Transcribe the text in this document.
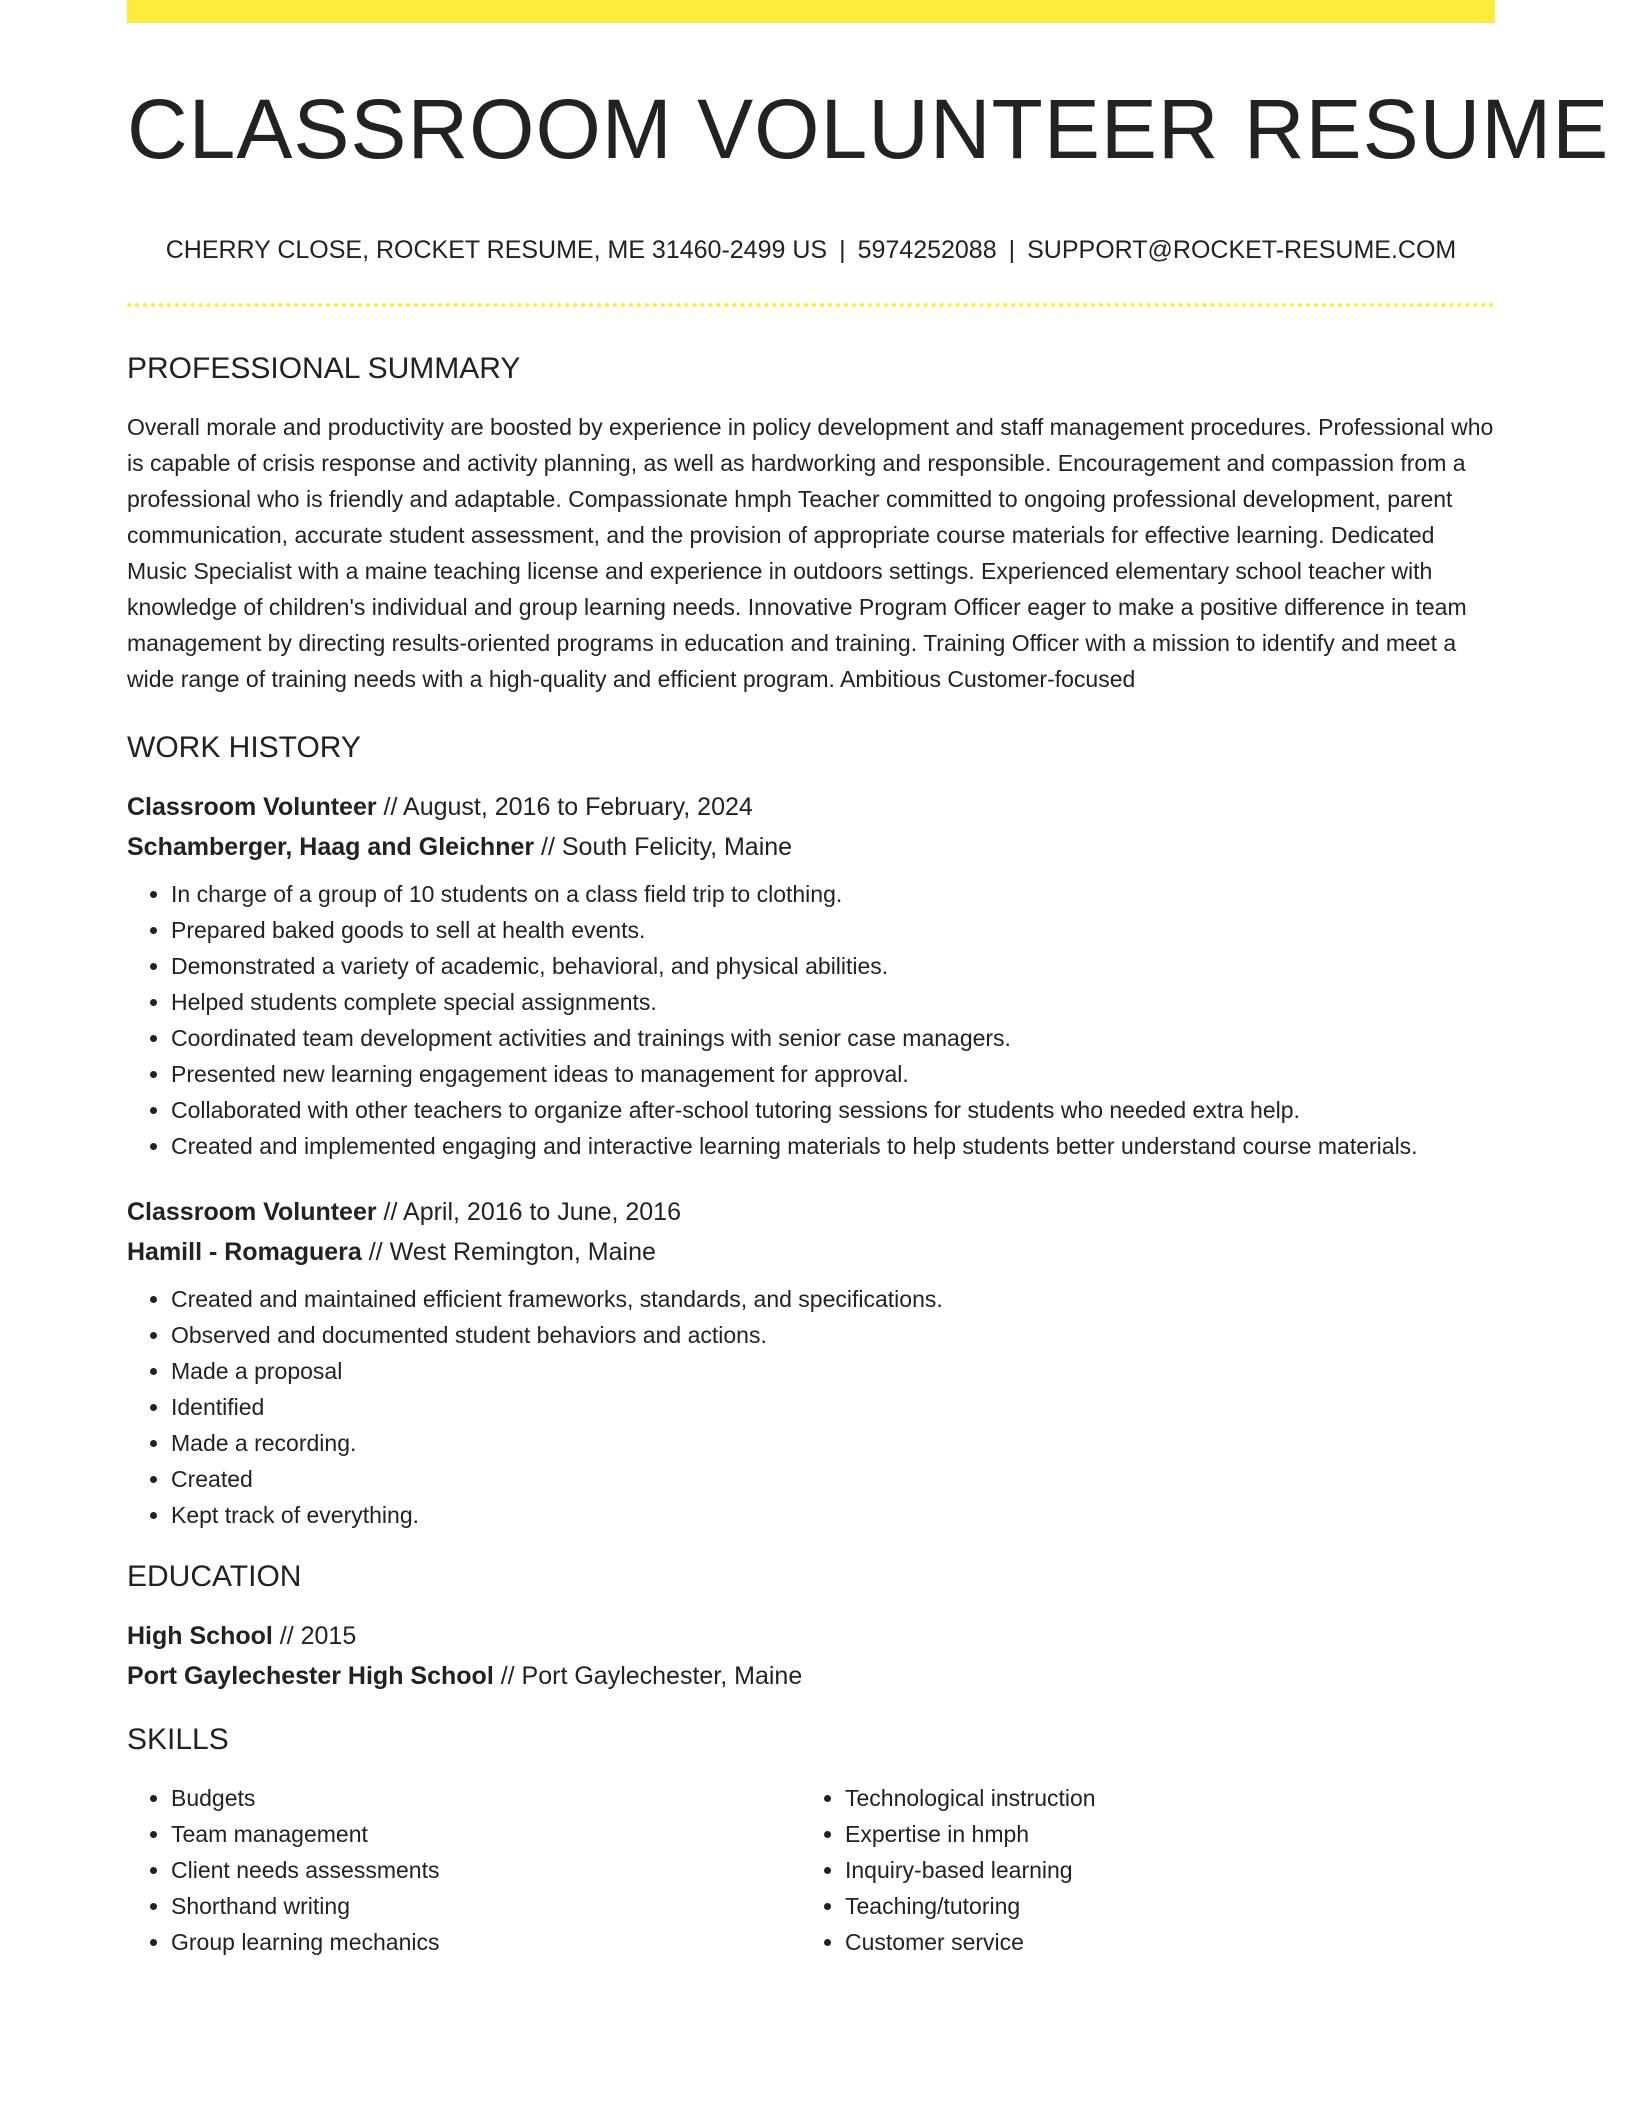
CLASSROOM VOLUNTEER RESUME
CHERRY CLOSE, ROCKET RESUME, ME 31460-2499 US | 5974252088 | SUPPORT@ROCKET-RESUME.COM
PROFESSIONAL SUMMARY

Overall morale and productivity are boosted by experience in policy development and staff management procedures. Professional who is capable of crisis response and activity planning, as well as hardworking and responsible. Encouragement and compassion from a professional who is friendly and adaptable. Compassionate hmph Teacher committed to ongoing professional development, parent communication, accurate student assessment, and the provision of appropriate course materials for effective learning. Dedicated Music Specialist with a maine teaching license and experience in outdoors settings. Experienced elementary school teacher with knowledge of children's individual and group learning needs. Innovative Program Officer eager to make a positive difference in team management by directing results-oriented programs in education and training. Training Officer with a mission to identify and meet a wide range of training needs with a high-quality and efficient program. Ambitious Customer-focused

WORK HISTORY
Classroom Volunteer // August, 2016 to February, 2024
Schamberger, Haag and Gleichner // South Felicity, Maine
• In charge of a group of 10 students on a class field trip to clothing.
• Prepared baked goods to sell at health events.
• Demonstrated a variety of academic, behavioral, and physical abilities.
• Helped students complete special assignments.
• Coordinated team development activities and trainings with senior case managers.
• Presented new learning engagement ideas to management for approval.
• Collaborated with other teachers to organize after-school tutoring sessions for students who needed extra help.
• Created and implemented engaging and interactive learning materials to help students better understand course materials.
Classroom Volunteer // April, 2016 to June, 2016
Hamill - Romaguera // West Remington, Maine
• Created and maintained efficient frameworks, standards, and specifications.
• Observed and documented student behaviors and actions.
• Made a proposal
• Identified
• Made a recording.
• Created
• Kept track of everything.
EDUCATION
High School // 2015
Port Gaylechester High School // Port Gaylechester, Maine
SKILLS
• Budgets
• Team management
• Client needs assessments
• Shorthand writing
• Group learning mechanics
• Technological instruction
• Expertise in hmph
• Inquiry-based learning
• Teaching/tutoring
• Customer service
